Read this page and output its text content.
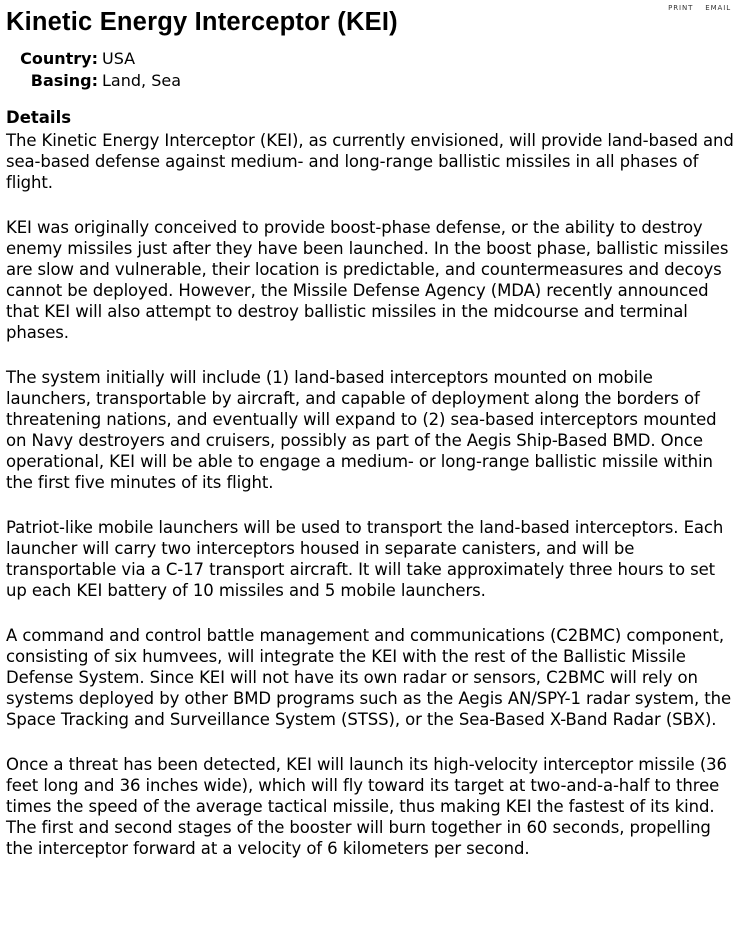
Kinetic Energy Interceptor (KEI)
Country: USA
Basing: Land, Sea
Details

The Kinetic Energy Interceptor (KEI), as currently envisioned, will provide land-based and sea-based defense against medium- and long-range ballistic missiles in all phases of flight.

KEI was originally conceived to provide boost-phase defense, or the ability to destroy enemy missiles just after they have been launched. In the boost phase, ballistic missiles are slow and vulnerable, their location is predictable, and countermeasures and decoys cannot be deployed. However, the Missile Defense Agency (MDA) recently announced that KEI will also attempt to destroy ballistic missiles in the midcourse and terminal phases.

The system initially will include (1) land-based interceptors mounted on mobile launchers, transportable by aircraft, and capable of deployment along the borders of threatening nations, and eventually will expand to (2) sea-based interceptors mounted on Navy destroyers and cruisers, possibly as part of the Aegis Ship-Based BMD. Once operational, KEI will be able to engage a medium- or long-range ballistic missile within the first five minutes of its flight.

Patriot-like mobile launchers will be used to transport the land-based interceptors. Each launcher will carry two interceptors housed in separate canisters, and will be transportable via a C-17 transport aircraft. It will take approximately three hours to set up each KEI battery of 10 missiles and 5 mobile launchers.

A command and control battle management and communications (C2BMC) component, consisting of six humvees, will integrate the KEI with the rest of the Ballistic Missile Defense System. Since KEI will not have its own radar or sensors, C2BMC will rely on systems deployed by other BMD programs such as the Aegis AN/SPY-1 radar system, the Space Tracking and Surveillance System (STSS), or the Sea-Based X-Band Radar (SBX).

Once a threat has been detected, KEI will launch its high-velocity interceptor missile (36 feet long and 36 inches wide), which will fly toward its target at two-and-a-half to three times the speed of the average tactical missile, thus making KEI the fastest of its kind. The first and second stages of the booster will burn together in 60 seconds, propelling the interceptor forward at a velocity of 6 kilometers per second.

PRINT EMAIL
